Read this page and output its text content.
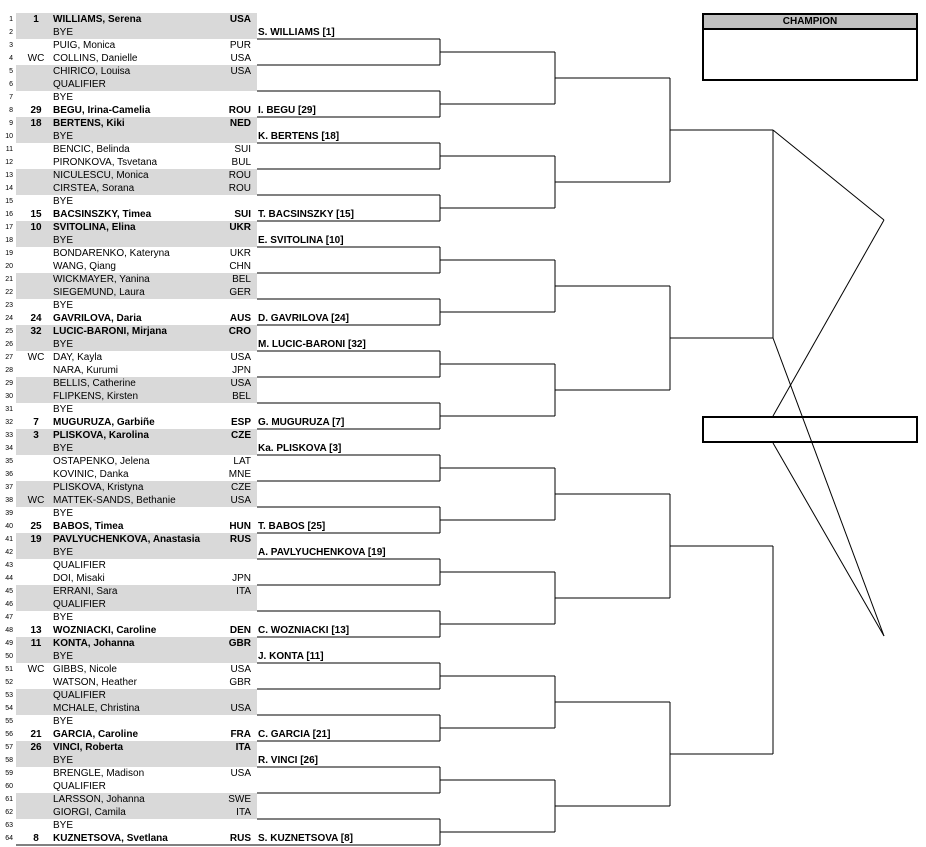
1	1	WILLIAMS, Serena	USA
2	BYE
3	PUIG, Monica	PUR
4	WC COLLINS, Danielle	USA
5	CHIRICO, Louisa	USA
6	QUALIFIER
7	BYE
8	29	BEGU, Irina-Camelia	ROU
9	18	BERTENS, Kiki	NED
10	BYE
11	BENCIC, Belinda	SUI
12	PIRONKOVA, Tsvetana	BUL
13	NICULESCU, Monica	ROU
14	CIRSTEA, Sorana	ROU
15	BYE
16	15	BACSINSZKY, Timea	SUI
17	10	SVITOLINA, Elina	UKR
18	BYE
19	BONDARENKO, Kateryna	UKR
20	WANG, Qiang	CHN
21	WICKMAYER, Yanina	BEL
22	SIEGEMUND, Laura	GER
23	BYE
24	24	GAVRILOVA, Daria	AUS
25	32	LUCIC-BARONI, Mirjana	CRO
26	BYE
27	WC DAY, Kayla	USA
28	NARA, Kurumi	JPN
29	BELLIS, Catherine	USA
30	FLIPKENS, Kirsten	BEL
31	BYE
32	7	MUGURUZA, Garbiñe	ESP
33	3	PLISKOVA, Karolina	CZE
34	BYE
35	OSTAPENKO, Jelena	LAT
36	KOVINIC, Danka	MNE
37	PLISKOVA, Kristyna	CZE
38	WC MATTEK-SANDS, Bethanie	USA
39	BYE
40	25	BABOS, Timea	HUN
41	19	PAVLYUCHENKOVA, Anastasia	RUS
42	BYE
43	QUALIFIER
44	DOI, Misaki	JPN
45	ERRANI, Sara	ITA
46	QUALIFIER
47	BYE
48	13	WOZNIACKI, Caroline	DEN
49	11	KONTA, Johanna	GBR
50	BYE
51	WC GIBBS, Nicole	USA
52	WATSON, Heather	GBR
53	QUALIFIER
54	MCHALE, Christina	USA
55	BYE
56	21	GARCIA, Caroline	FRA
57	26	VINCI, Roberta	ITA
58	BYE
59	BRENGLE, Madison	USA
60	QUALIFIER
61	LARSSON, Johanna	SWE
62	GIORGI, Camila	ITA
63	BYE
64	8	KUZNETSOVA, Svetlana	RUS
S. WILLIAMS [1]
I. BEGU [29]
K. BERTENS [18]
T. BACSINSZKY [15]
E. SVITOLINA [10]
D. GAVRILOVA [24]
M. LUCIC-BARONI [32]
G. MUGURUZA [7]
Ka. PLISKOVA [3]
T. BABOS [25]
A. PAVLYUCHENKOVA [19]
C. WOZNIACKI [13]
J. KONTA [11]
C. GARCIA [21]
R. VINCI [26]
S. KUZNETSOVA [8]
CHAMPION
